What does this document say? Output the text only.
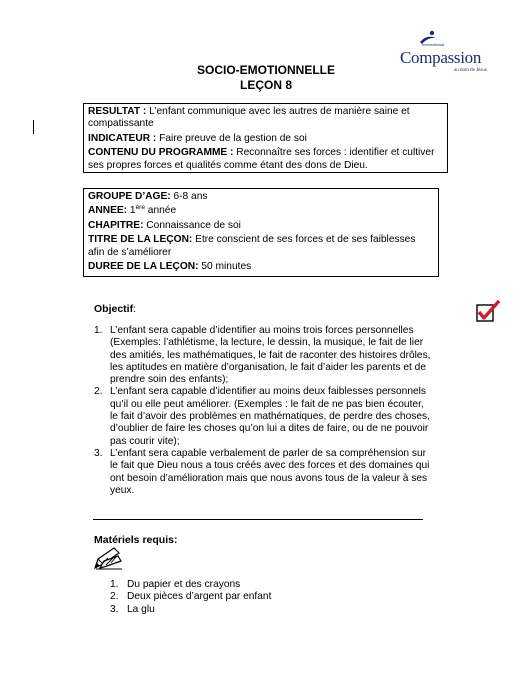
International
Compassion
au nom de Jésus
SOCIO-EMOTIONNELLE
LEÇON 8

RESULTAT : L’enfant communique avec les autres de manière saine et compatissante

INDICATEUR : Faire preuve de la gestion de soi

CONTENU DU PROGRAMME : Reconnaître ses forces : identifier et cultiver ses propres forces et qualités comme étant des dons de Dieu.

GROUPE D’AGE: 6-8 ans

ANNEE: 1ère année

CHAPITRE: Connaissance de soi

TITRE DE LA LEÇON: Etre conscient de ses forces et de ses faiblesses afin de s’améliorer

DUREE DE LA LEÇON: 50 minutes

Objectif:
1. L’enfant sera capable d’identifier au moins trois forces personnelles (Exemples: l’athlétisme, la lecture, le dessin, la musique, le fait de lier des amitiés, les mathématiques, le fait de raconter des histoires drôles, les aptitudes en matière d’organisation, le fait d’aider les parents et de prendre soin des enfants);
2. L’enfant sera capable d’identifier au moins deux faiblesses personnels qu’il ou elle peut améliorer. (Exemples : le fait de ne pas bien écouter, le fait d’avoir des problèmes en mathématiques, de perdre des choses, d’oublier de faire les choses qu’on lui a dites de faire, ou de ne pouvoir pas courir vite);
3. L’enfant sera capable verbalement de parler de sa compréhension sur le fait que Dieu nous a tous créés avec des forces et des domaines qui ont besoin d’amélioration mais que nous avons tous de la valeur à ses yeux.
Matériels requis:
1. Du papier et des crayons
2. Deux pièces d’argent par enfant
3. La glu
